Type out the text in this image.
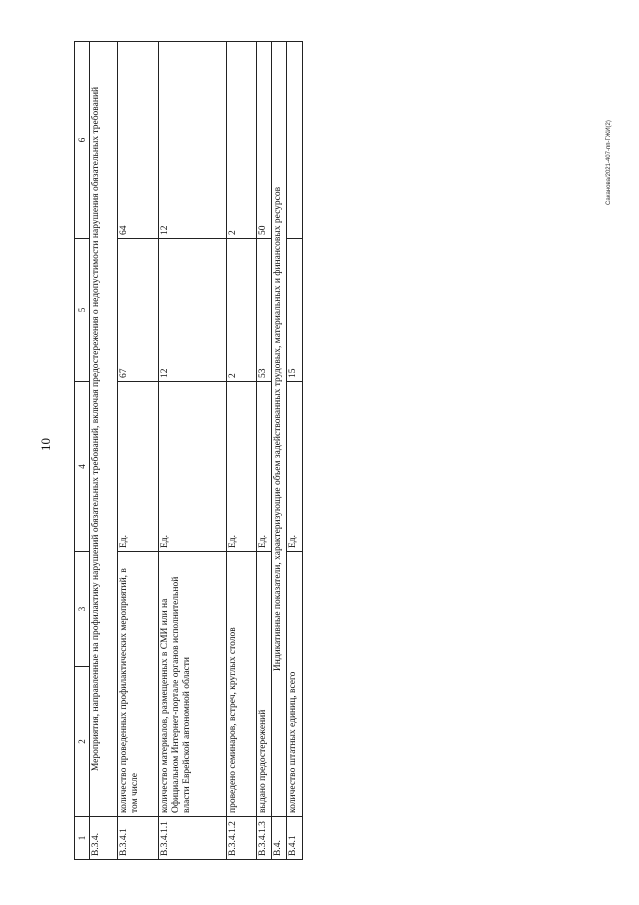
10
Саканова/2021-407-пп-ГЖИ(2)
1	2	3	4	5	6
В.3.4.	Мероприятия, направленные на профилактику нарушений обязательных требований, включая предостережения о недопустимости нарушения обязательных требований				
В.3.4.1	количество проведенных профилактических мероприятий, в том числе		Ед.	67	64
В.3.4.1.1	количество материалов, размещенных в СМИ или на Официальном Интернет-портале органов исполнительной власти Еврейской автономной области		Ед.	12	12
В.3.4.1.2	проведено семинаров, встреч, круглых столов		Ед.	2	2
В.3.4.1.3	выдано предостережений		Ед.	53	50
В.4.	Индикативные показатели, характеризующие объем задействованных трудовых, материальных и финансовых ресурсов				
В.4.1	количество штатных единиц, всего		Ед.	15	
